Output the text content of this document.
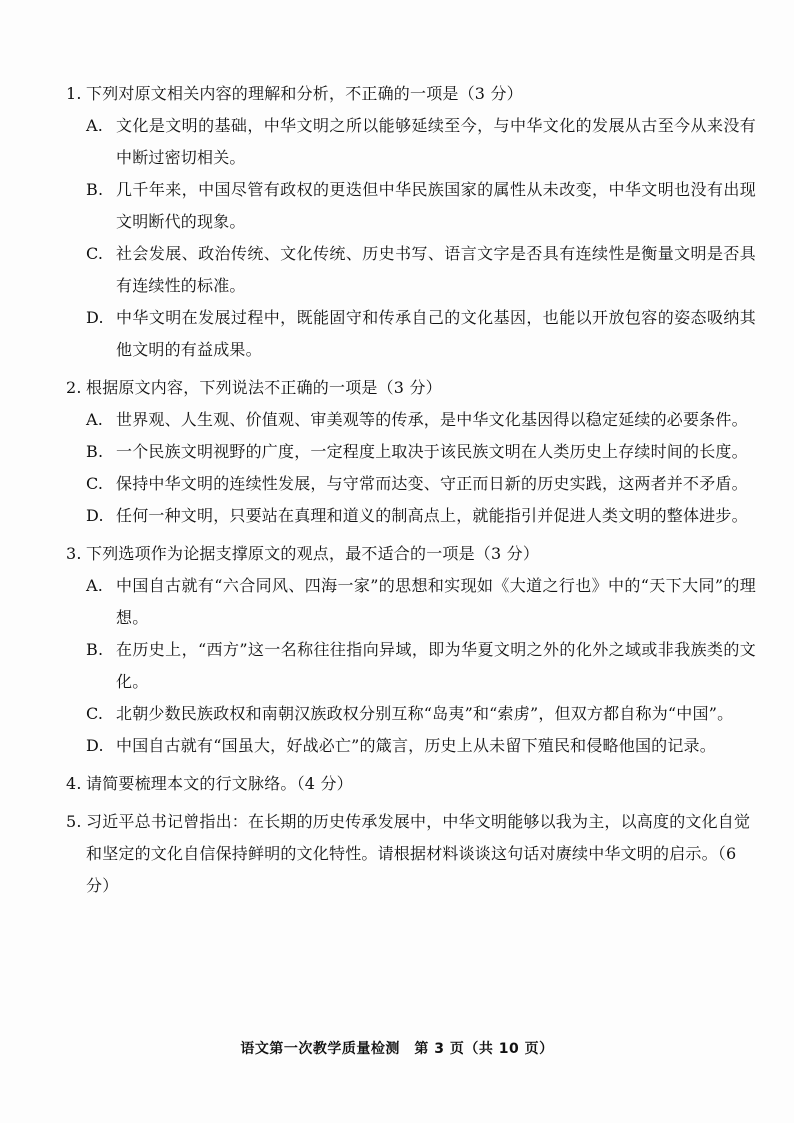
1. 下列对原文相关内容的理解和分析，不正确的一项是（3 分）
A. 文化是文明的基础，中华文明之所以能够延续至今，与中华文化的发展从古至今从来没有中断过密切相关。
B. 几千年来，中国尽管有政权的更迭但中华民族国家的属性从未改变，中华文明也没有出现文明断代的现象。
C. 社会发展、政治传统、文化传统、历史书写、语言文字是否具有连续性是衡量文明是否具有连续性的标准。
D. 中华文明在发展过程中，既能固守和传承自己的文化基因，也能以开放包容的姿态吸纳其他文明的有益成果。
2. 根据原文内容，下列说法不正确的一项是（3 分）
A. 世界观、人生观、价值观、审美观等的传承，是中华文化基因得以稳定延续的必要条件。
B. 一个民族文明视野的广度，一定程度上取决于该民族文明在人类历史上存续时间的长度。
C. 保持中华文明的连续性发展，与守常而达变、守正而日新的历史实践，这两者并不矛盾。
D. 任何一种文明，只要站在真理和道义的制高点上，就能指引并促进人类文明的整体进步。
3. 下列选项作为论据支撑原文的观点，最不适合的一项是（3 分）
A. 中国自古就有“六合同风、四海一家”的思想和实现如《大道之行也》中的“天下大同”的理想。
B. 在历史上，“西方”这一名称往往指向异域，即为华夏文明之外的化外之域或非我族类的文化。
C. 北朝少数民族政权和南朝汉族政权分别互称“岛夷”和“索虏”，但双方都自称为“中国”。
D. 中国自古就有“国虽大，好战必亡”的箴言，历史上从未留下殖民和侵略他国的记录。
4. 请简要梳理本文的行文脉络。（4 分）
5. 习近平总书记曾指出：在长期的历史传承发展中，中华文明能够以我为主，以高度的文化自觉和坚定的文化自信保持鲜明的文化特性。请根据材料谈谈这句话对赓续中华文明的启示。（6 分）
语文第一次教学质量检测　第 3 页（共 10 页）
